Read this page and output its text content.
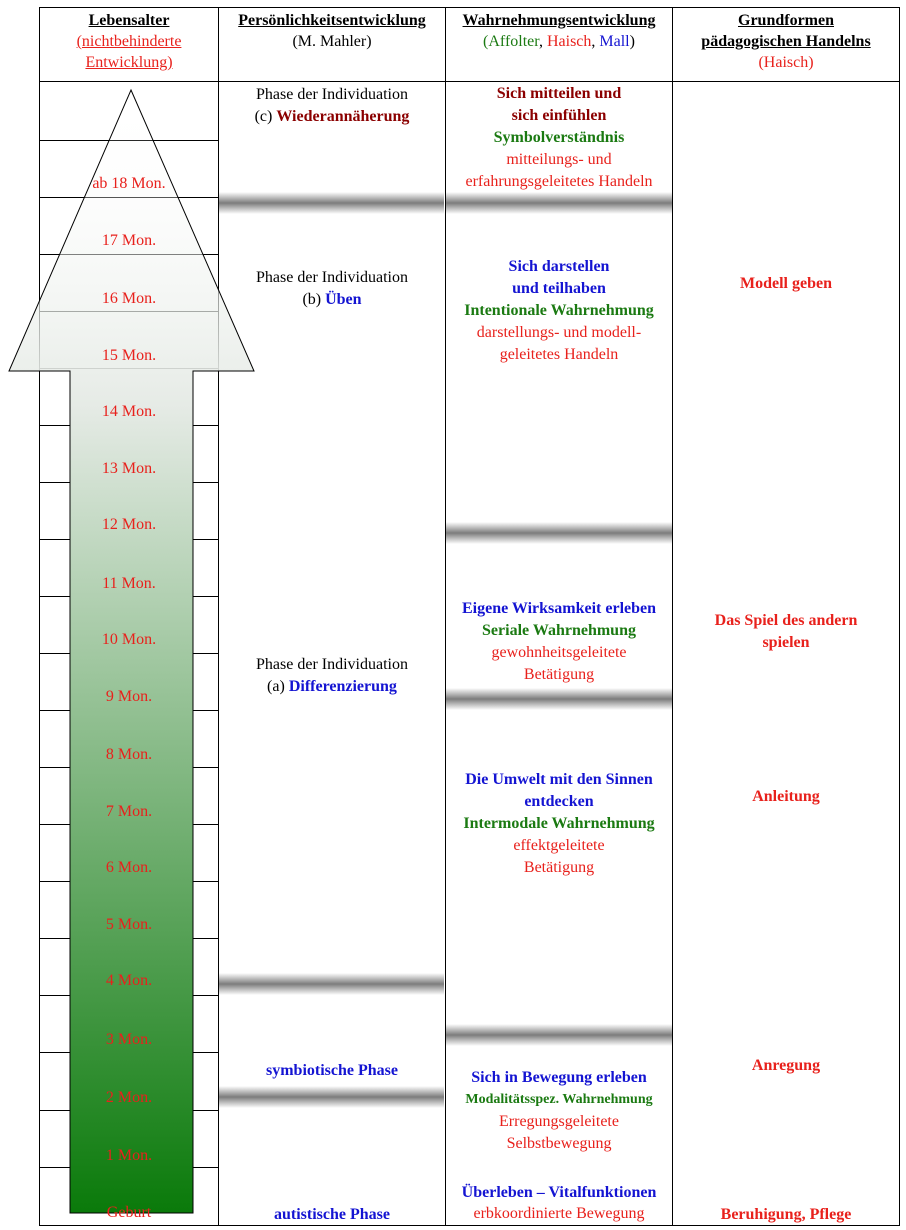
Lebensalter
(nichtbehinderte
Entwicklung)
Persönlichkeitsentwicklung
(M. Mahler)
Wahrnehmungsentwicklung
(Affolter, Haisch, Mall)
Grundformen
pädagogischen Handelns
(Haisch)
ab 18 Mon.
17 Mon.
16 Mon.
15 Mon.
14 Mon.
13 Mon.
12 Mon.
11 Mon.
10 Mon.
9 Mon.
8 Mon.
7 Mon.
6 Mon.
5 Mon.
4 Mon.
3 Mon.
2 Mon.
1 Mon.
Geburt
Phase der Individuation
(c) Wiederannäherung
Phase der Individuation
(b) Üben
Phase der Individuation
(a) Differenzierung
symbiotische Phase
autistische Phase
Sich mitteilen und
sich einfühlen
Symbolverständnis
mitteilungs- und
erfahrungsgeleitetes Handeln
Sich darstellen
und teilhaben
Intentionale Wahrnehmung
darstellungs- und modell-
geleitetes Handeln
Eigene Wirksamkeit erleben
Seriale Wahrnehmung
gewohnheitsgeleitete
Betätigung
Die Umwelt mit den Sinnen
entdecken
Intermodale Wahrnehmung
effektgeleitete
Betätigung
Sich in Bewegung erleben
Modalitätsspez. Wahrnehmung
Erregungsgeleitete
Selbstbewegung
Überleben – Vitalfunktionen
erbkoordinierte Bewegung
Modell geben
Das Spiel des andern
spielen
Anleitung
Anregung
Beruhigung, Pflege
